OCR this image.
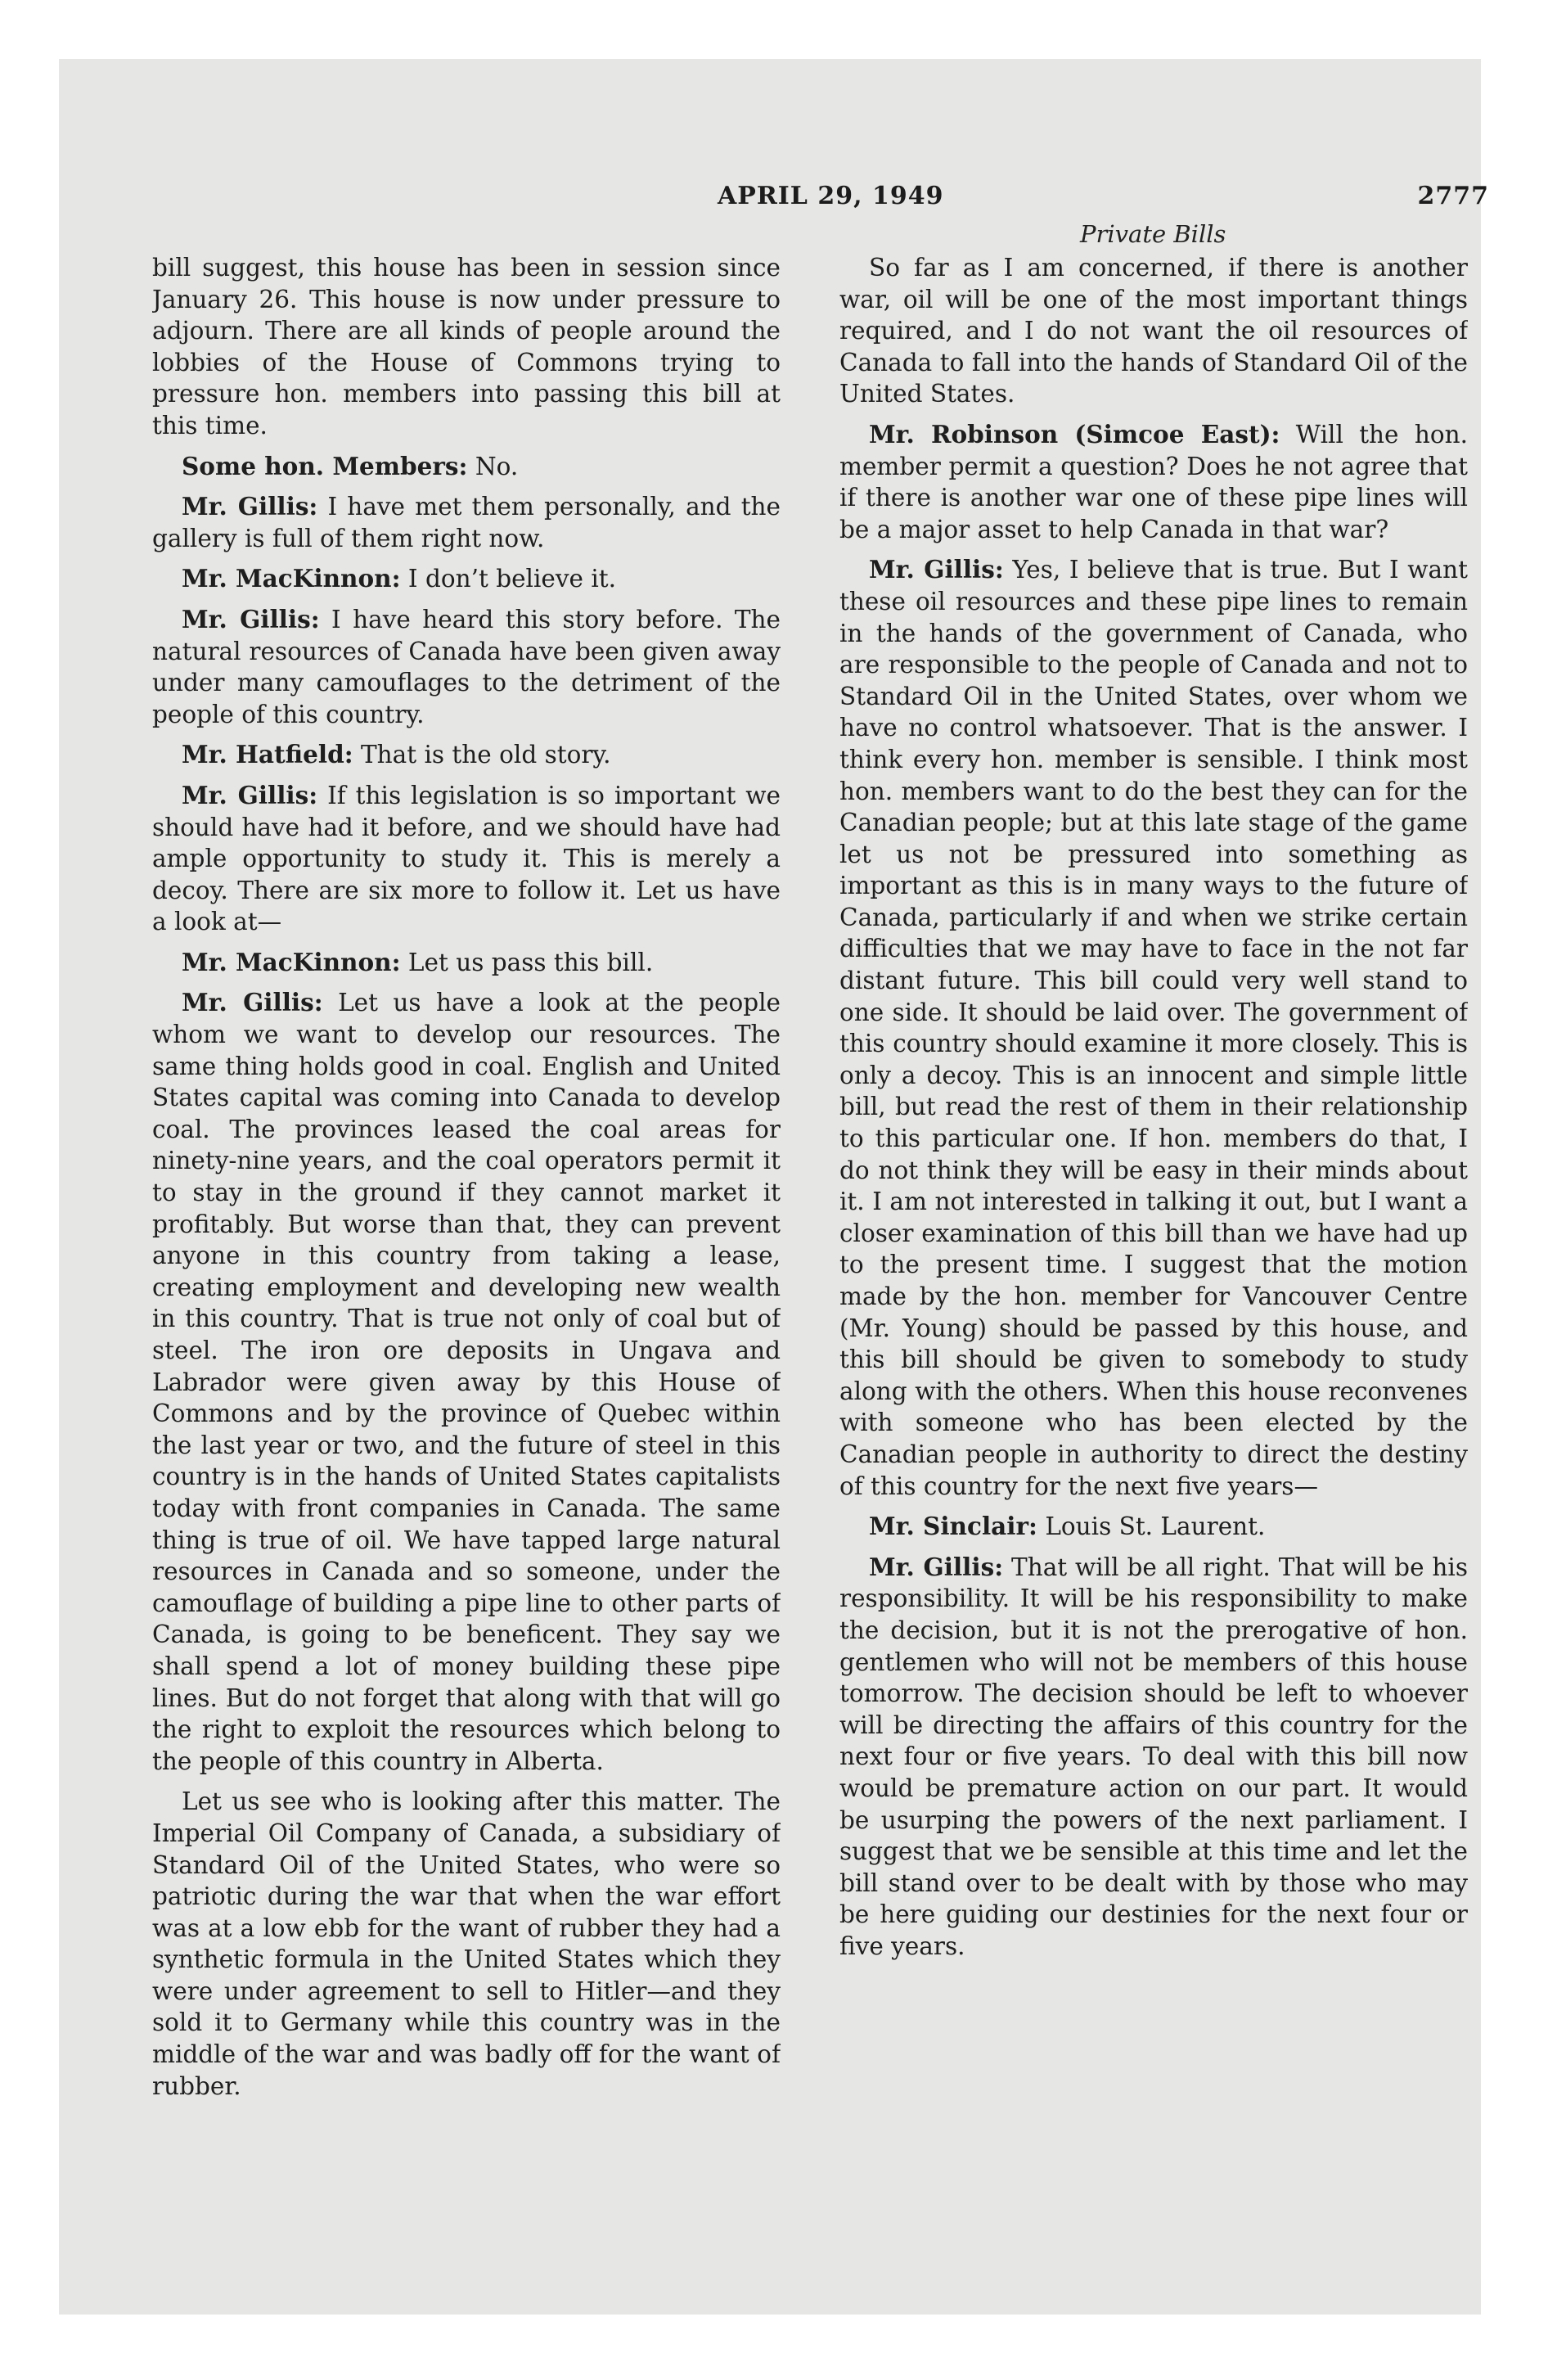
APRIL 29, 1949	2777
Private Bills

bill suggest, this house has been in session since January 26. This house is now under pressure to adjourn. There are all kinds of people around the lobbies of the House of Commons trying to pressure hon. members into passing this bill at this time.

Some hon. Members: No.

Mr. Gillis: I have met them personally, and the gallery is full of them right now.

Mr. MacKinnon: I don’t believe it.

Mr. Gillis: I have heard this story before. The natural resources of Canada have been given away under many camouflages to the detriment of the people of this country.

Mr. Hatfield: That is the old story.

Mr. Gillis: If this legislation is so important we should have had it before, and we should have had ample opportunity to study it. This is merely a decoy. There are six more to follow it. Let us have a look at—

Mr. MacKinnon: Let us pass this bill.

Mr. Gillis: Let us have a look at the people whom we want to develop our resources. The same thing holds good in coal. English and United States capital was coming into Canada to develop coal. The provinces leased the coal areas for ninety-nine years, and the coal operators permit it to stay in the ground if they cannot market it profitably. But worse than that, they can prevent anyone in this country from taking a lease, creating employment and developing new wealth in this country. That is true not only of coal but of steel. The iron ore deposits in Ungava and Labrador were given away by this House of Commons and by the province of Quebec within the last year or two, and the future of steel in this country is in the hands of United States capitalists today with front companies in Canada. The same thing is true of oil. We have tapped large natural resources in Canada and so someone, under the camouflage of building a pipe line to other parts of Canada, is going to be beneficent. They say we shall spend a lot of money building these pipe lines. But do not forget that along with that will go the right to exploit the resources which belong to the people of this country in Alberta.

Let us see who is looking after this matter. The Imperial Oil Company of Canada, a subsidiary of Standard Oil of the United States, who were so patriotic during the war that when the war effort was at a low ebb for the want of rubber they had a synthetic formula in the United States which they were under agreement to sell to Hitler—and they sold it to Germany while this country was in the middle of the war and was badly off for the want of rubber.

So far as I am concerned, if there is another war, oil will be one of the most important things required, and I do not want the oil resources of Canada to fall into the hands of Standard Oil of the United States.

Mr. Robinson (Simcoe East): Will the hon. member permit a question? Does he not agree that if there is another war one of these pipe lines will be a major asset to help Canada in that war?

Mr. Gillis: Yes, I believe that is true. But I want these oil resources and these pipe lines to remain in the hands of the government of Canada, who are responsible to the people of Canada and not to Standard Oil in the United States, over whom we have no control whatsoever. That is the answer. I think every hon. member is sensible. I think most hon. members want to do the best they can for the Canadian people; but at this late stage of the game let us not be pressured into something as important as this is in many ways to the future of Canada, particularly if and when we strike certain difficulties that we may have to face in the not far distant future. This bill could very well stand to one side. It should be laid over. The government of this country should examine it more closely. This is only a decoy. This is an innocent and simple little bill, but read the rest of them in their relationship to this particular one. If hon. members do that, I do not think they will be easy in their minds about it. I am not interested in talking it out, but I want a closer examination of this bill than we have had up to the present time. I suggest that the motion made by the hon. member for Vancouver Centre (Mr. Young) should be passed by this house, and this bill should be given to somebody to study along with the others. When this house reconvenes with someone who has been elected by the Canadian people in authority to direct the destiny of this country for the next five years—

Mr. Sinclair: Louis St. Laurent.

Mr. Gillis: That will be all right. That will be his responsibility. It will be his responsibility to make the decision, but it is not the prerogative of hon. gentlemen who will not be members of this house tomorrow. The decision should be left to whoever will be directing the affairs of this country for the next four or five years. To deal with this bill now would be premature action on our part. It would be usurping the powers of the next parliament. I suggest that we be sensible at this time and let the bill stand over to be dealt with by those who may be here guiding our destinies for the next four or five years.
